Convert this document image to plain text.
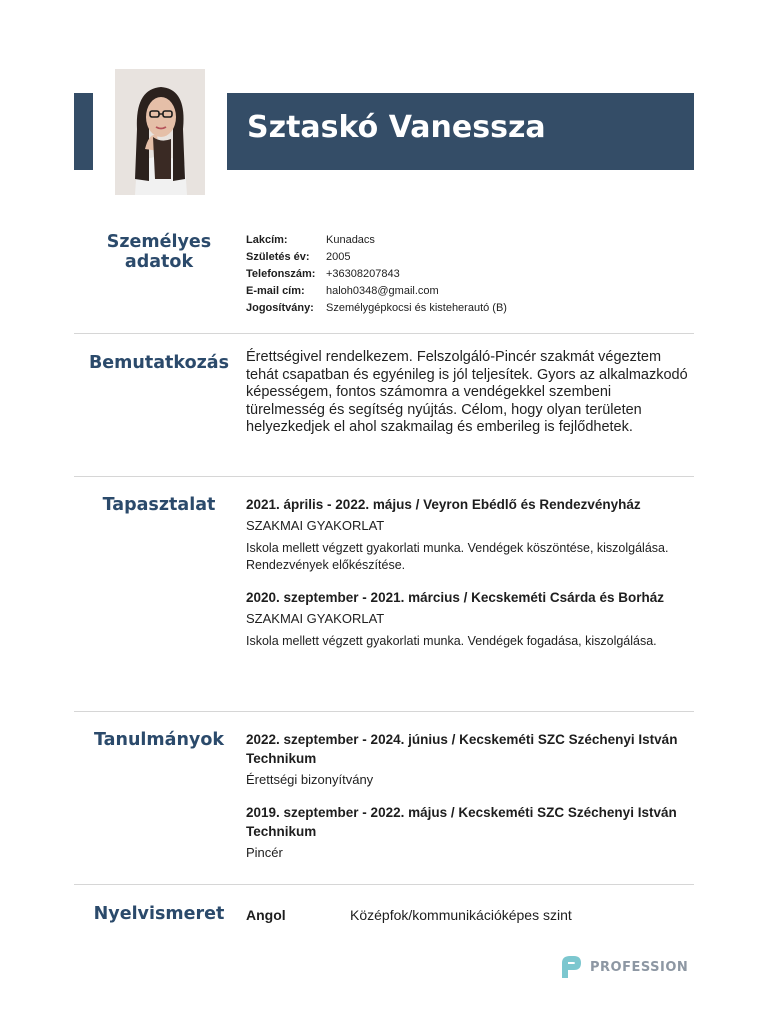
Sztaskó Vanessza
Személyes adatok
Lakcím:	Kunadacs
Születés év:	2005
Telefonszám: +36308207843
E-mail cím:	haloh0348@gmail.com
Jogosítvány:	Személygépkocsi és kisteherautó (B)
Bemutatkozás	Érettségivel rendelkezem. Felszolgáló-Pincér szakmát végeztem tehát csapatban és egyénileg is jól teljesítek. Gyors az alkalmazkodó képességem, fontos számomra a vendégekkel szembeni türelmesség és segítség nyújtás. Célom, hogy olyan területen helyezkedjek el ahol szakmailag és emberileg is fejlődhetek.
Tapasztalat	2021. április - 2022. május / Veyron Ebédlő és Rendezvényház
SZAKMAI GYAKORLAT
Iskola mellett végzett gyakorlati munka. Vendégek köszöntése, kiszolgálása. Rendezvények előkészítése.
2020. szeptember - 2021. március / Kecskeméti Csárda és Borház
SZAKMAI GYAKORLAT
Iskola mellett végzett gyakorlati munka. Vendégek fogadása, kiszolgálása.
Tanulmányok	2022. szeptember - 2024. június / Kecskeméti SZC Széchenyi István Technikum
Érettségi bizonyítvány
2019. szeptember - 2022. május / Kecskeméti SZC Széchenyi István Technikum
Pincér
Nyelvismeret	Angol	Középfok/kommunikációképes szint
PROFESSION
